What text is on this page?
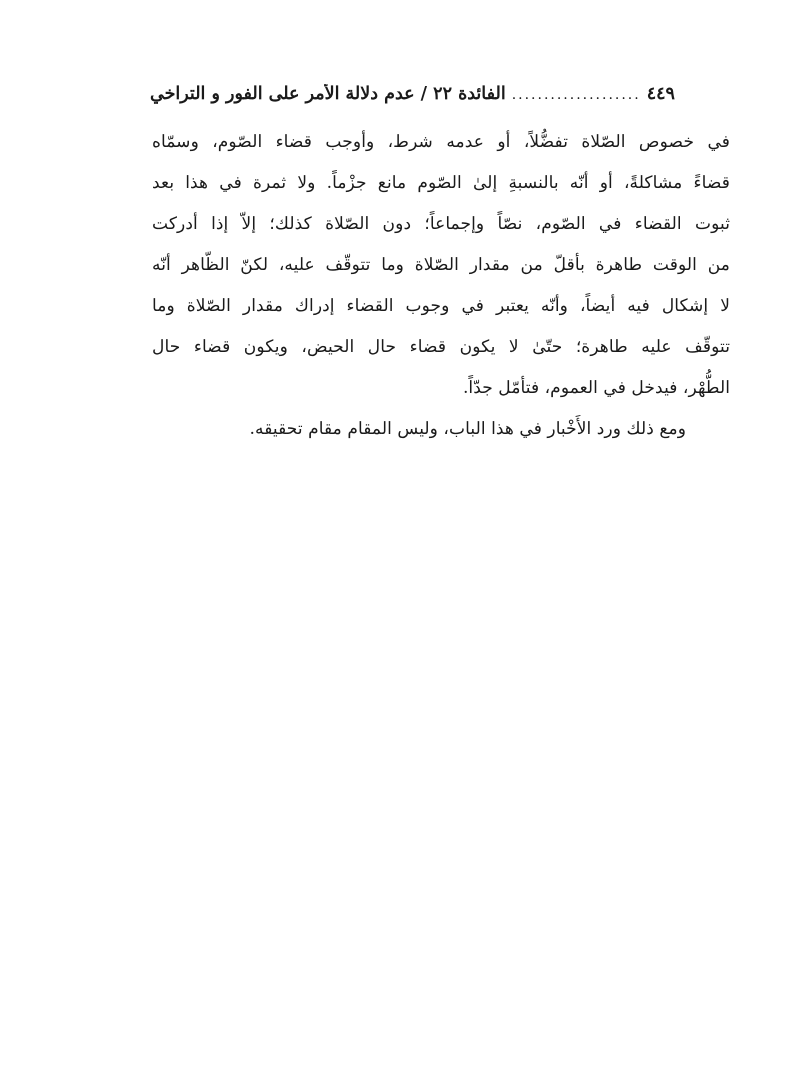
الفائدة ٢٢ / عدم دلالة الأمر على الفور و التراخي .................... ٤٤٩
في خصوص الصّلاة تفضُّلاً، أو عدمه شرط، وأوجب قضاء الصّوم، وسمّاه
قضاءً مشاكلةً، أو أنّه بالنسبةِ إلىٰ الصّوم مانع جزْماً. ولا ثمرة في هذا بعد
ثبوت القضاء في الصّوم، نصّاً وإجماعاً؛ دون الصّلاة كذلك؛ إلاّ إذا أدركت
من الوقت طاهرة بأقلّ من مقدار الصّلاة وما تتوقّف عليه، لكنّ الظّاهر أنّه
لا إشكال فيه أيضاً، وأنّه يعتبر في وجوب القضاء إدراك مقدار الصّلاة وما
تتوقّف عليه طاهرة؛ حتّىٰ لا يكون قضاء حال الحيض، ويكون قضاء حال
الطُّهْر، فيدخل في العموم، فتأمّل جدّاً.
ومع ذلك ورد الأَخْبار في هذا الباب، وليس المقام مقام تحقيقه.
